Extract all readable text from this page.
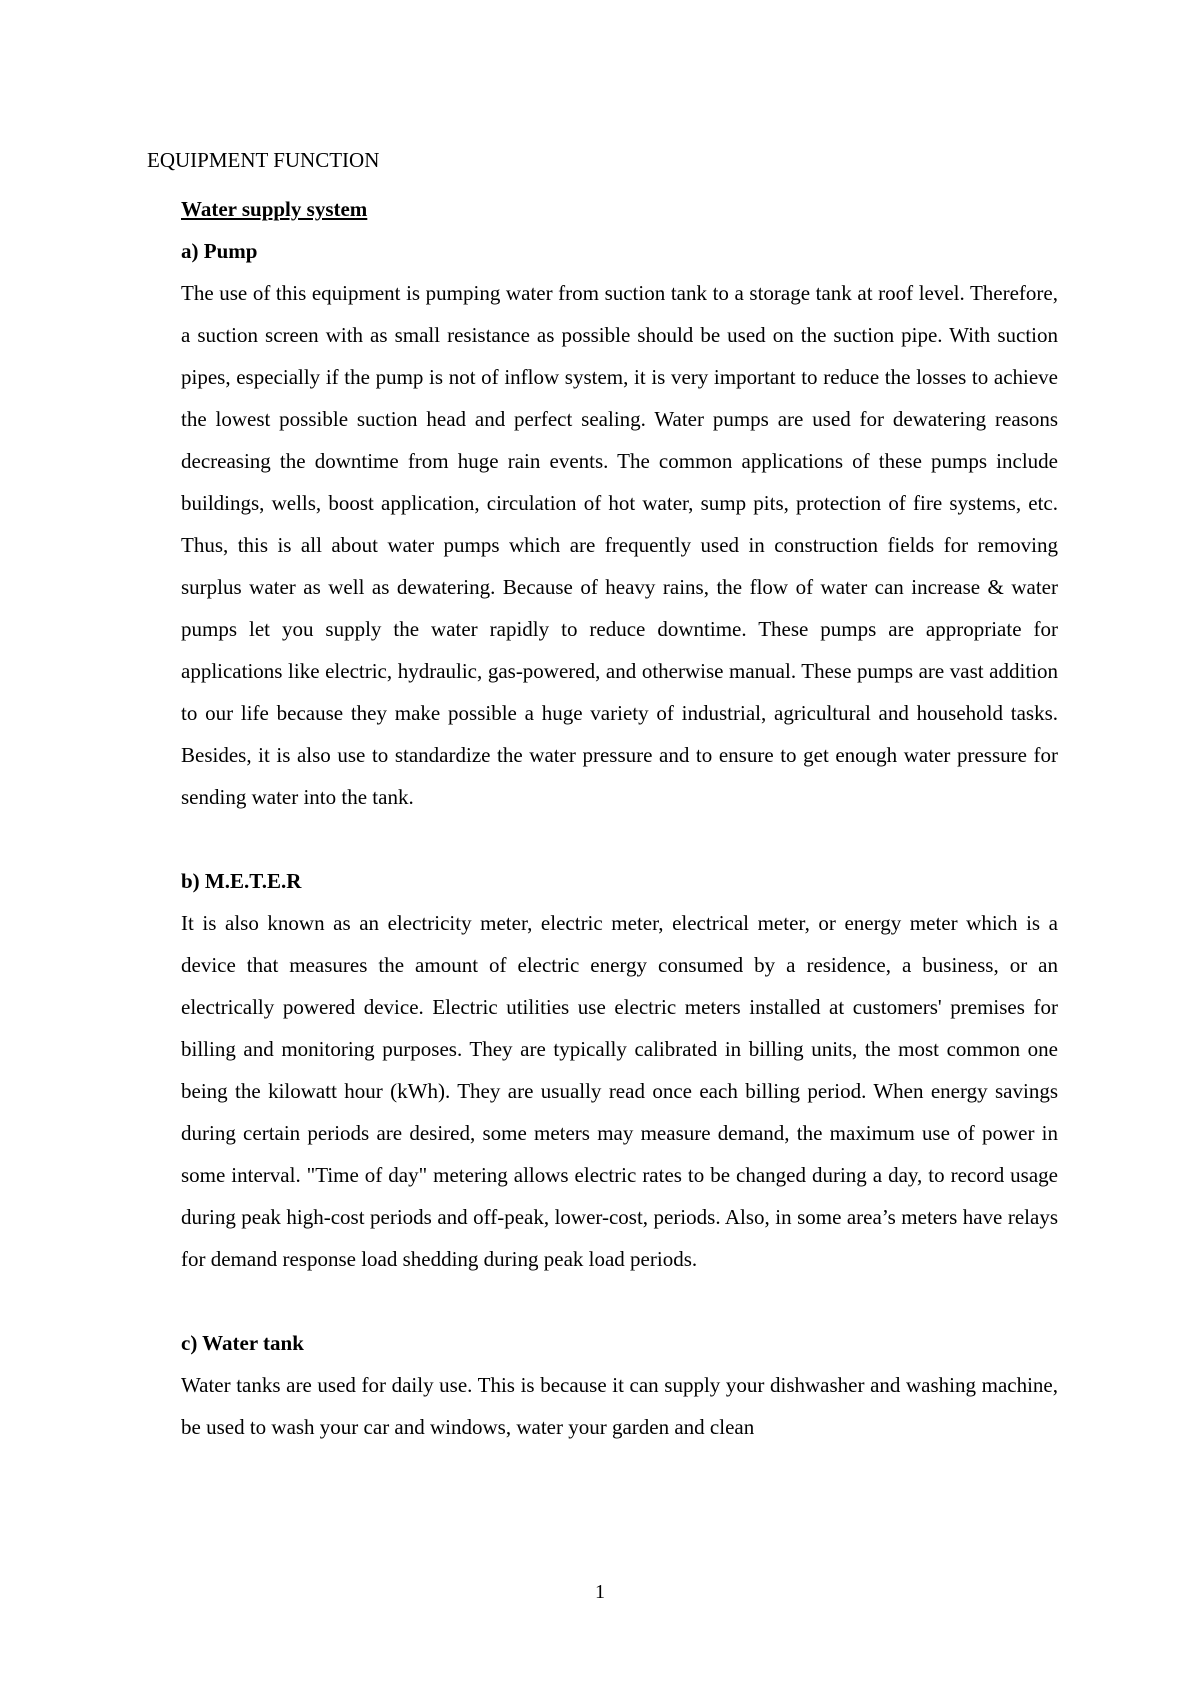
EQUIPMENT FUNCTION

Water supply system

a) Pump

The use of this equipment is pumping water from suction tank to a storage tank at roof level. Therefore, a suction screen with as small resistance as possible should be used on the suction pipe. With suction pipes, especially if the pump is not of inflow system, it is very important to reduce the losses to achieve the lowest possible suction head and perfect sealing. Water pumps are used for dewatering reasons decreasing the downtime from huge rain events. The common applications of these pumps include buildings, wells, boost application, circulation of hot water, sump pits, protection of fire systems, etc. Thus, this is all about water pumps which are frequently used in construction fields for removing surplus water as well as dewatering. Because of heavy rains, the flow of water can increase & water pumps let you supply the water rapidly to reduce downtime. These pumps are appropriate for applications like electric, hydraulic, gas-powered, and otherwise manual. These pumps are vast addition to our life because they make possible a huge variety of industrial, agricultural and household tasks. Besides, it is also use to standardize the water pressure and to ensure to get enough water pressure for sending water into the tank.

b) M.E.T.E.R

It is also known as an electricity meter, electric meter, electrical meter, or energy meter which is a device that measures the amount of electric energy consumed by a residence, a business, or an electrically powered device. Electric utilities use electric meters installed at customers' premises for billing and monitoring purposes. They are typically calibrated in billing units, the most common one being the kilowatt hour (kWh). They are usually read once each billing period. When energy savings during certain periods are desired, some meters may measure demand, the maximum use of power in some interval. "Time of day" metering allows electric rates to be changed during a day, to record usage during peak high-cost periods and off-peak, lower-cost, periods. Also, in some area’s meters have relays for demand response load shedding during peak load periods.

c) Water tank

Water tanks are used for daily use. This is because it can supply your dishwasher and washing machine, be used to wash your car and windows, water your garden and clean

1
